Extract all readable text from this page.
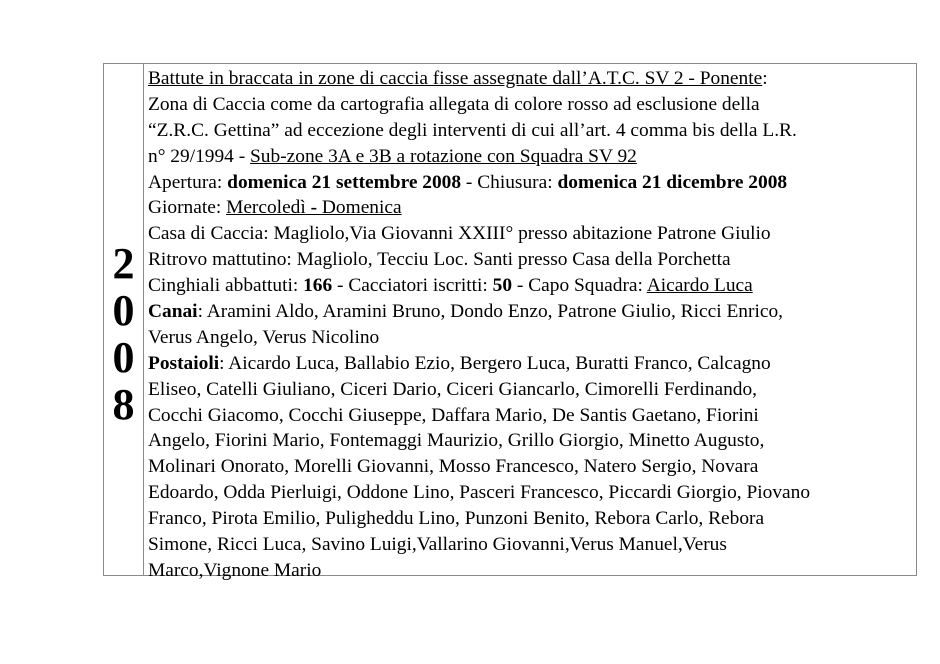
2
0
0
8
Battute in braccata in zone di caccia fisse assegnate dall’A.T.C. SV 2 - Ponente:
Zona di Caccia come da cartografia allegata di colore rosso ad esclusione della
“Z.R.C. Gettina” ad eccezione degli interventi di cui all’art. 4 comma bis della L.R.
n° 29/1994 - Sub-zone 3A e 3B a rotazione con Squadra SV 92
Apertura: domenica 21 settembre 2008 - Chiusura: domenica 21 dicembre 2008
Giornate: Mercoledì - Domenica
Casa di Caccia: Magliolo,Via Giovanni XXIII° presso abitazione Patrone Giulio
Ritrovo mattutino: Magliolo, Tecciu Loc. Santi presso Casa della Porchetta
Cinghiali abbattuti: 166 - Cacciatori iscritti: 50 - Capo Squadra: Aicardo Luca
Canai: Aramini Aldo, Aramini Bruno, Dondo Enzo, Patrone Giulio, Ricci Enrico,
Verus Angelo, Verus Nicolino
Postaioli: Aicardo Luca, Ballabio Ezio, Bergero Luca, Buratti Franco, Calcagno
Eliseo, Catelli Giuliano, Ciceri Dario, Ciceri Giancarlo, Cimorelli Ferdinando,
Cocchi Giacomo, Cocchi Giuseppe, Daffara Mario, De Santis Gaetano, Fiorini
Angelo, Fiorini Mario, Fontemaggi Maurizio, Grillo Giorgio, Minetto Augusto,
Molinari Onorato, Morelli Giovanni, Mosso Francesco, Natero Sergio, Novara
Edoardo, Odda Pierluigi, Oddone Lino, Pasceri Francesco, Piccardi Giorgio, Piovano
Franco, Pirota Emilio, Puligheddu Lino, Punzoni Benito, Rebora Carlo, Rebora
Simone, Ricci Luca, Savino Luigi,Vallarino Giovanni,Verus Manuel,Verus
Marco,Vignone Mario
